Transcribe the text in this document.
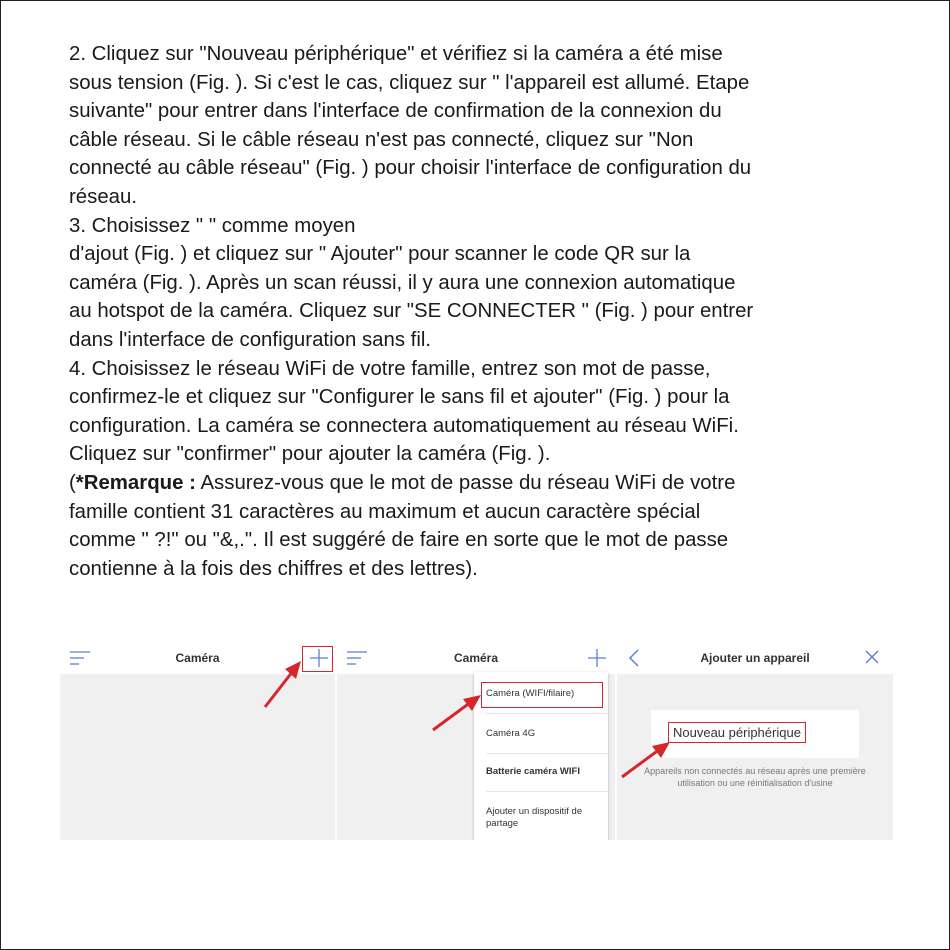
2. Cliquez sur "Nouveau périphérique" et vérifiez si la caméra a été mise
sous tension (Fig. ). Si c'est le cas, cliquez sur " l'appareil est allumé. Etape
suivante" pour entrer dans l'interface de confirmation de la connexion du
câble réseau. Si le câble réseau n'est pas connecté, cliquez sur "Non
connecté au câble réseau" (Fig. ) pour choisir l'interface de configuration du
réseau.
3. Choisissez " " comme moyen
d'ajout (Fig. ) et cliquez sur " Ajouter" pour scanner le code QR sur la
caméra (Fig. ). Après un scan réussi, il y aura une connexion automatique
au hotspot de la caméra. Cliquez sur "SE CONNECTER " (Fig. ) pour entrer
dans l'interface de configuration sans fil.
4. Choisissez le réseau WiFi de votre famille, entrez son mot de passe,
confirmez-le et cliquez sur "Configurer le sans fil et ajouter" (Fig. ) pour la
configuration. La caméra se connectera automatiquement au réseau WiFi.
Cliquez sur "confirmer" pour ajouter la caméra (Fig. ).
(*Remarque : Assurez-vous que le mot de passe du réseau WiFi de votre
famille contient 31 caractères au maximum et aucun caractère spécial
comme " ?!" ou "&,.". Il est suggéré de faire en sorte que le mot de passe
contienne à la fois des chiffres et des lettres).
Caméra	Caméra
Caméra (WIFI/filaire)
Caméra 4G
Batterie caméra WIFI
Ajouter un dispositif de partage
Ajouter un appareil
Nouveau périphérique
Appareils non connectés au réseau après une première utilisation ou une réinitialisation d'usine
